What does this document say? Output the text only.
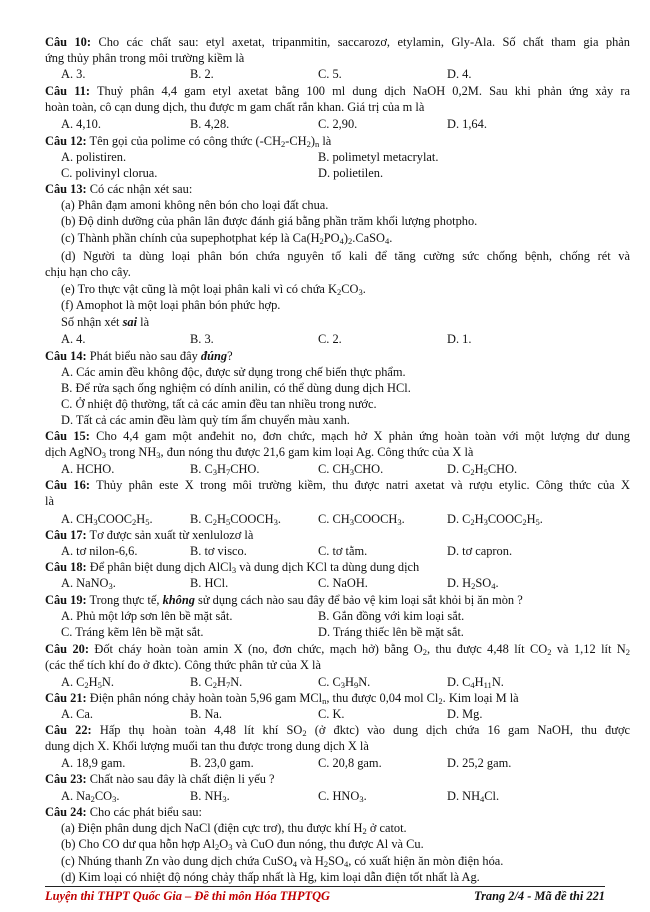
Câu 10: Cho các chất sau: etyl axetat, tripanmitin, saccarozơ, etylamin, Gly-Ala. Số chất tham gia phản
ứng thủy phân trong môi trường kiềm là
A. 3.	B. 2.	C. 5.	D. 4.
Câu 11: Thuỷ phân 4,4 gam etyl axetat bằng 100 ml dung dịch NaOH 0,2M. Sau khi phản ứng xảy ra
hoàn toàn, cô cạn dung dịch, thu được m gam chất rắn khan. Giá trị của m là
A. 4,10.	B. 4,28.	C. 2,90.	D. 1,64.
Câu 12: Tên gọi của polime có công thức $(-CH_2-CH_2)_n$ là
A. polistiren.	B. polimetyl metacrylat.
C. polivinyl clorua.	D. polietilen.
Câu 13: Có các nhận xét sau:
(a) Phân đạm amoni không nên bón cho loại đất chua.
(b) Độ dinh dưỡng của phân lân được đánh giá bằng phần trăm khối lượng photpho.
(c) Thành phần chính của supephotphat kép là $Ca(H_2PO_4)_2.CaSO_4$.
(d) Người ta dùng loại phân bón chứa nguyên tố kali để tăng cường sức chống bệnh, chống rét và
chịu hạn cho cây.
(e) Tro thực vật cũng là một loại phân kali vì có chứa $K_2CO_3$.
(f) Amophot là một loại phân bón phức hợp.
Số nhận xét sai là
A. 4.	B. 3.	C. 2.	D. 1.
Câu 14: Phát biểu nào sau đây đúng?
A. Các amin đều không độc, được sử dụng trong chế biến thực phẩm.
B. Để rửa sạch ống nghiệm có dính anilin, có thể dùng dung dịch HCl.
C. Ở nhiệt độ thường, tất cả các amin đều tan nhiều trong nước.
D. Tất cả các amin đều làm quỳ tím ẩm chuyển màu xanh.
Câu 15: Cho 4,4 gam một anđehit no, đơn chức, mạch hở X phản ứng hoàn toàn với một lượng dư dung
dịch AgNO$_3$ trong $NH_3$, đun nóng thu được 21,6 gam kim loại Ag. Công thức của X là
A. HCHO.	B. $C_3H_7CHO$.	C. $CH_3CHO$.	D. $C_2H_5CHO$.
Câu 16: Thủy phân este X trong môi trường kiềm, thu được natri axetat và rượu etylic. Công thức của X
là
A. $CH_3COOC_2H_5$.	B. $C_2H_5COOCH_3$.	C. $CH_3COOCH_3$.	D. $C_2H_3COOC_2H_5$.
Câu 17: Tơ được sản xuất từ xenlulozơ là
A. tơ nilon-6,6.	B. tơ visco.	C. tơ tằm.	D. tơ capron.
Câu 18: Để phân biệt dung dịch AlCl$_3$ và dung dịch KCl ta dùng dung dịch
A. NaNO$_3$.	B. HCl.	C. NaOH.	D. $H_2SO_4$.
Câu 19: Trong thực tế, không sử dụng cách nào sau đây để bảo vệ kim loại sắt khỏi bị ăn mòn ?
A. Phủ một lớp sơn lên bề mặt sắt.	B. Gắn đồng với kim loại sắt.
C. Tráng kẽm lên bề mặt sắt.	D. Tráng thiếc lên bề mặt sắt.
Câu 20: Đốt cháy hoàn toàn amin X (no, đơn chức, mạch hở) bằng $O_2$, thu được 4,48 lít $CO_2$ và 1,12 lít $N_2$
(các thể tích khí đo ở đktc). Công thức phân tử của X là
A. $C_2H_5N$.	B. $C_2H_7N$.	C. $C_3H_9N$.	D. $C_4H_{11}N$.
Câu 21: Điện phân nóng chảy hoàn toàn 5,96 gam MCl$_n$, thu được 0,04 mol $Cl_2$. Kim loại M là
A. Ca.	B. Na.	C. K.	D. Mg.
Câu 22: Hấp thụ hoàn toàn 4,48 lít khí $SO_2$ (ở đktc) vào dung dịch chứa 16 gam NaOH, thu được
dung dịch X. Khối lượng muối tan thu được trong dung dịch X là
A. 18,9 gam.	B. 23,0 gam.	C. 20,8 gam.	D. 25,2 gam.
Câu 23: Chất nào sau đây là chất điện li yếu ?
A. $Na_2CO_3$.	B. $NH_3$.	C. $HNO_3$.	D. $NH_4Cl$.
Câu 24: Cho các phát biểu sau:
(a) Điện phân dung dịch NaCl (điện cực trơ), thu được khí $H_2$ ở catot.
(b) Cho CO dư qua hỗn hợp $Al_2O_3$ và CuO đun nóng, thu được Al và Cu.
(c) Nhúng thanh Zn vào dung dịch chứa CuSO$_4$ và $H_2SO_4$, có xuất hiện ăn mòn điện hóa.
(d) Kim loại có nhiệt độ nóng chảy thấp nhất là Hg, kim loại dẫn điện tốt nhất là Ag.
Luyện thi THPT Quốc Gia – Đề thi môn Hóa THPTQG	Trang 2/4 - Mã đề thi 221
